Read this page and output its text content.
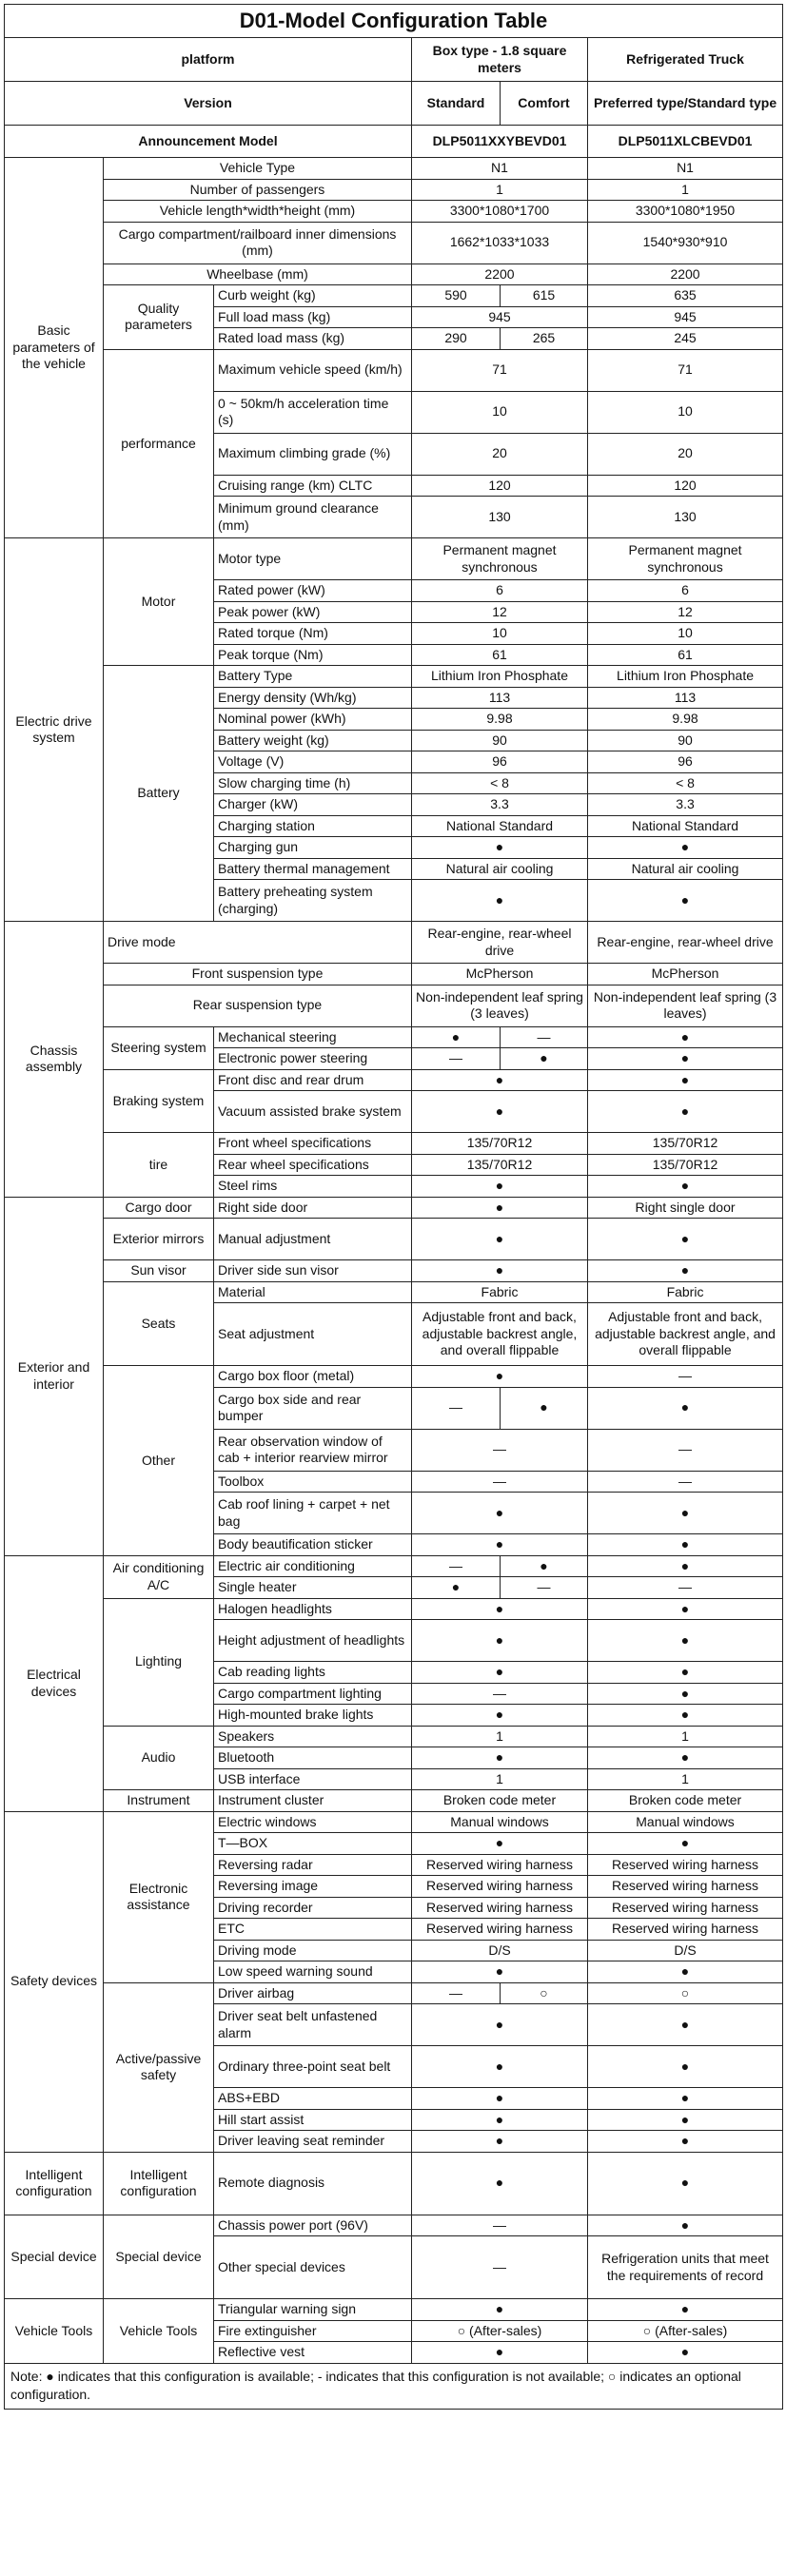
D01-Model Configuration Table					
platform			Box type - 1.8 square meters		Refrigerated Truck
Version			Standard	Comfort	Preferred type/Standard type
Announcement Model			DLP5011XXYBEVD01		DLP5011XLCBEVD01
Basic parameters of the vehicle	Vehicle Type		N1		N1
	Number of passengers		1		1
	Vehicle length*width*height (mm)		3300*1080*1700		3300*1080*1950
	Cargo compartment/railboard inner dimensions (mm)		1662*1033*1033		1540*930*910
	Wheelbase (mm)		2200		2200
	Quality parameters	Curb weight (kg)	590	615	635
		Full load mass (kg)	945		945
		Rated load mass (kg)	290	265	245
	performance	Maximum vehicle speed (km/h)	71		71
		0 ~ 50km/h acceleration time (s)	10		10
		Maximum climbing grade (%)	20		20
		Cruising range (km) CLTC	120		120
		Minimum ground clearance (mm)	130		130
Electric drive system	Motor	Motor type	Permanent magnet synchronous		Permanent magnet synchronous
		Rated power (kW)	6		6
		Peak power (kW)	12		12
		Rated torque (Nm)	10		10
		Peak torque (Nm)	61		61
	Battery	Battery Type	Lithium Iron Phosphate		Lithium Iron Phosphate
		Energy density (Wh/kg)	113		113
		Nominal power (kWh)	9.98		9.98
		Battery weight (kg)	90		90
		Voltage (V)	96		96
		Slow charging time (h)	< 8		< 8
		Charger (kW)	3.3		3.3
		Charging station	National Standard		National Standard
		Charging gun	●		●
		Battery thermal management	Natural air cooling		Natural air cooling
		Battery preheating system (charging)	●		●
Chassis assembly	Drive mode		Rear-engine, rear-wheel drive		Rear-engine, rear-wheel drive
	Front suspension type		McPherson		McPherson
	Rear suspension type		Non-independent leaf spring (3 leaves)		Non-independent leaf spring (3 leaves)
	Steering system	Mechanical steering	●	—	●
		Electronic power steering	—	●	●
	Braking system	Front disc and rear drum	●		●
		Vacuum assisted brake system	●		●
	tire	Front wheel specifications	135/70R12		135/70R12
		Rear wheel specifications	135/70R12		135/70R12
		Steel rims	●		●
Exterior and interior	Cargo door	Right side door	●		Right single door
	Exterior mirrors	Manual adjustment	●		●
	Sun visor	Driver side sun visor	●		●
	Seats	Material	Fabric		Fabric
		Seat adjustment	Adjustable front and back, adjustable backrest angle, and overall flippable		Adjustable front and back, adjustable backrest angle, and overall flippable
	Other	Cargo box floor (metal)	●		—
		Cargo box side and rear bumper	—	●	●
		Rear observation window of cab + interior rearview mirror	—		—
		Toolbox	—		—
		Cab roof lining + carpet + net bag	●		●
		Body beautification sticker	●		●
Electrical devices	Air conditioning A/C	Electric air conditioning	—	●	●
		Single heater	●	—	—
	Lighting	Halogen headlights	●		●
		Height adjustment of headlights	●		●
		Cab reading lights	●		●
		Cargo compartment lighting	—		●
		High-mounted brake lights	●		●
	Audio	Speakers	1		1
		Bluetooth	●		●
		USB interface	1		1
	Instrument	Instrument cluster	Broken code meter		Broken code meter
Safety devices	Electronic assistance	Electric windows	Manual windows		Manual windows
		T—BOX	●		●
		Reversing radar	Reserved wiring harness		Reserved wiring harness
		Reversing image	Reserved wiring harness		Reserved wiring harness
		Driving recorder	Reserved wiring harness		Reserved wiring harness
		ETC	Reserved wiring harness		Reserved wiring harness
		Driving mode	D/S		D/S
		Low speed warning sound	●		●
	Active/passive safety	Driver airbag	—	○	○
		Driver seat belt unfastened alarm	●		●
		Ordinary three-point seat belt	●		●
		ABS+EBD	●		●
		Hill start assist	●		●
		Driver leaving seat reminder	●		●
Intelligent configuration	Intelligent configuration	Remote diagnosis	●		●
Special device	Special device	Chassis power port (96V)	—		●
		Other special devices	—		Refrigeration units that meet the requirements of record
Vehicle Tools	Vehicle Tools	Triangular warning sign	●		●
		Fire extinguisher	○ (After-sales)		○ (After-sales)
		Reflective vest	●		●
Note: ● indicates that this configuration is available; - indicates that this configuration is not available; ○ indicates an optional configuration.					
